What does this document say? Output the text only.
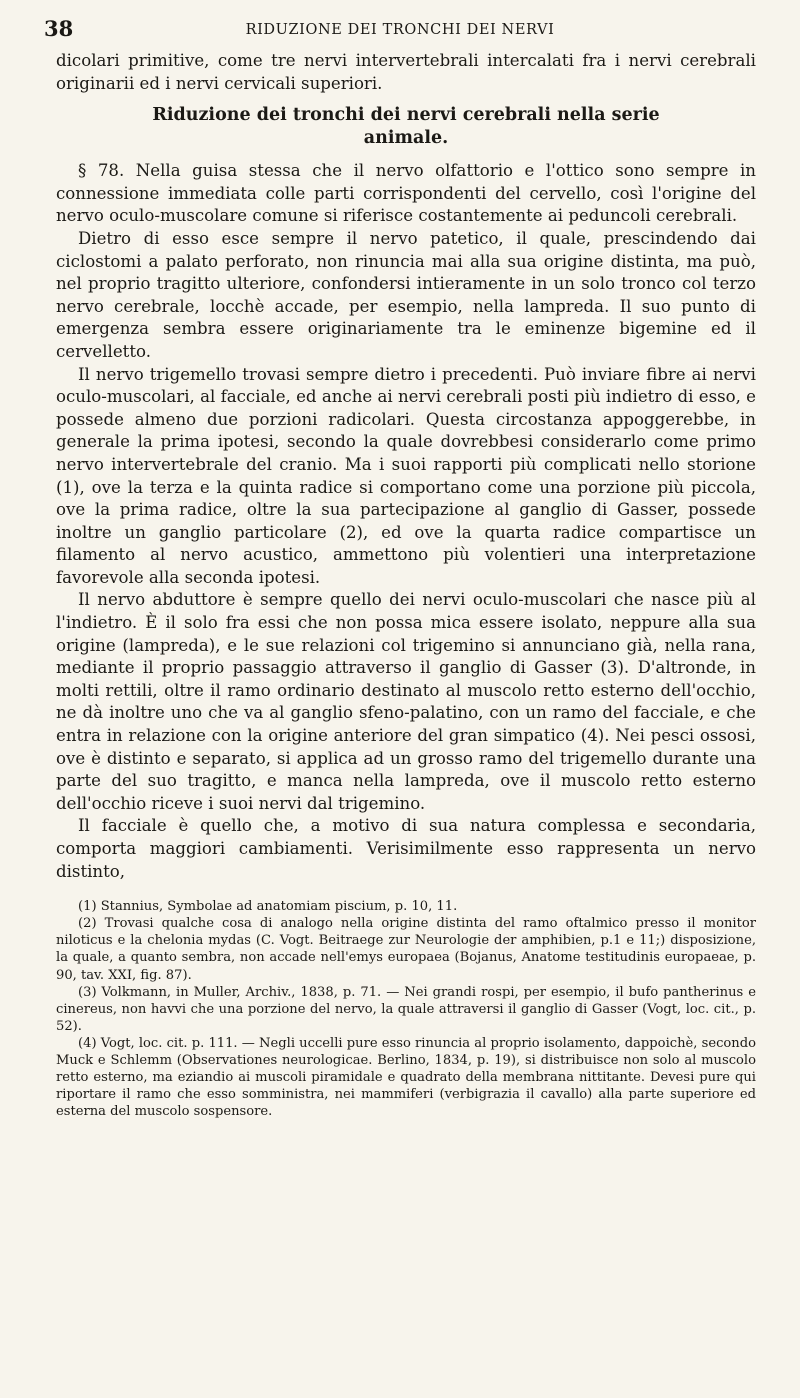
38	RIDUZIONE DEI TRONCHI DEI NERVI

dicolari primitive, come tre nervi intervertebrali intercalati fra i nervi cerebrali originarii ed i nervi cervicali superiori.

Riduzione dei tronchi dei nervi cerebrali nella serie
animale.

§ 78. Nella guisa stessa che il nervo olfattorio e l'ottico sono sempre in connessione immediata colle parti corrispondenti del cervello, così l'origine del nervo oculo-muscolare comune si riferisce costantemente ai peduncoli cerebrali.

Dietro di esso esce sempre il nervo patetico, il quale, prescindendo dai ciclostomi a palato perforato, non rinuncia mai alla sua origine distinta, ma può, nel proprio tragitto ulteriore, confondersi intieramente in un solo tronco col terzo nervo cerebrale, locchè accade, per esempio, nella lampreda. Il suo punto di emergenza sembra essere originariamente tra le eminenze bigemine ed il cervelletto.

Il nervo trigemello trovasi sempre dietro i precedenti. Può inviare fibre ai nervi oculo-muscolari, al facciale, ed anche ai nervi cerebrali posti più indietro di esso, e possede almeno due porzioni radicolari. Questa circostanza appoggerebbe, in generale la prima ipotesi, secondo la quale dovrebbesi considerarlo come primo nervo intervertebrale del cranio. Ma i suoi rapporti più complicati nello storione (1), ove la terza e la quinta radice si comportano come una porzione più piccola, ove la prima radice, oltre la sua partecipazione al ganglio di Gasser, possede inoltre un ganglio particolare (2), ed ove la quarta radice compartisce un filamento al nervo acustico, ammettono più volentieri una interpretazione favorevole alla seconda ipotesi.

Il nervo abduttore è sempre quello dei nervi oculo-muscolari che nasce più al l'indietro. È il solo fra essi che non possa mica essere isolato, neppure alla sua origine (lampreda), e le sue relazioni col trigemino si annunciano già, nella rana, mediante il proprio passaggio attraverso il ganglio di Gasser (3). D'altronde, in molti rettili, oltre il ramo ordinario destinato al muscolo retto esterno dell'occhio, ne dà inoltre uno che va al ganglio sfeno-palatino, con un ramo del facciale, e che entra in relazione con la origine anteriore del gran simpatico (4). Nei pesci ossosi, ove è distinto e separato, si applica ad un grosso ramo del trigemello durante una parte del suo tragitto, e manca nella lampreda, ove il muscolo retto esterno dell'occhio riceve i suoi nervi dal trigemino.

Il facciale è quello che, a motivo di sua natura complessa e secondaria, comporta maggiori cambiamenti. Verisimilmente esso rappresenta un nervo distinto,

(1) Stannius, Symbolae ad anatomiam piscium, p. 10, 11.

(2) Trovasi qualche cosa di analogo nella origine distinta del ramo oftalmico presso il monitor niloticus e la chelonia mydas (C. Vogt. Beitraege zur Neurologie der amphibien, p.1 e 11;) disposizione, la quale, a quanto sembra, non accade nell'emys europaea (Bojanus, Anatome testitudinis europaeae, p. 90, tav. XXI, fig. 87).

(3) Volkmann, in Muller, Archiv., 1838, p. 71. — Nei grandi rospi, per esempio, il bufo pantherinus e cinereus, non havvi che una porzione del nervo, la quale attraversi il ganglio di Gasser (Vogt, loc. cit., p. 52).

(4) Vogt, loc. cit. p. 111. — Negli uccelli pure esso rinuncia al proprio isolamento, dappoichè, secondo Muck e Schlemm (Observationes neurologicae. Berlino, 1834, p. 19), si distribuisce non solo al muscolo retto esterno, ma eziandio ai muscoli piramidale e quadrato della membrana nittitante. Devesi pure qui riportare il ramo che esso somministra, nei mammiferi (verbigrazia il cavallo) alla parte superiore ed esterna del muscolo sospensore.
